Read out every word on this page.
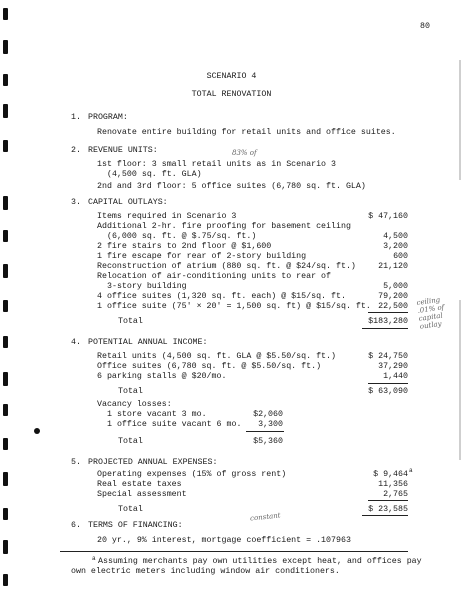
80
SCENARIO 4
TOTAL RENOVATION
1. PROGRAM:
Renovate entire building for retail units and office suites.
2. REVENUE UNITS:
1st floor: 3 small retail units as in Scenario 3
(4,500 sq. ft. GLA)
2nd and 3rd floor: 5 office suites (6,780 sq. ft. GLA)
83% of
3. CAPITAL OUTLAYS:
Items required in Scenario 3	$ 47,160
Additional 2-hr. fire proofing for basement ceiling
(6,000 sq. ft. @ $.75/sq. ft.)	4,500
2 fire stairs to 2nd floor @ $1,600	3,200
1 fire escape for rear of 2-story building	600
Reconstruction of atrium (880 sq. ft. @ $24/sq. ft.)	21,120
Relocation of air-conditioning units to rear of
3-story building	5,000
4 office suites (1,320 sq. ft. each) @ $15/sq. ft.	79,200
1 office suite (75' × 20' = 1,500 sq. ft) @ $15/sq. ft. 22,500
Total	$183,280
ceiling .01% of capital outlay
4. POTENTIAL ANNUAL INCOME:
Retail units (4,500 sq. ft. GLA @ $5.50/sq. ft.)	$ 24,750
Office suites (6,780 sq. ft. @ $5.50/sq. ft.)	37,290
6 parking stalls @ $20/mo.	1,440
Total	$ 63,090
Vacancy losses:
1 store vacant 3 mo.	$2,060
1 office suite vacant 6 mo.	3,300
Total	$5,360
5. PROJECTED ANNUAL EXPENSES:
Operating expenses (15% of gross rent)	$ 9,464 a
Real estate taxes	11,356
Special assessment	2,765
Total	$ 23,585
6. TERMS OF FINANCING:
20 yr., 9% interest, mortgage coefficient = .107963
constant
a Assuming merchants pay own utilities except heat, and offices pay
own electric meters including window air conditioners.
